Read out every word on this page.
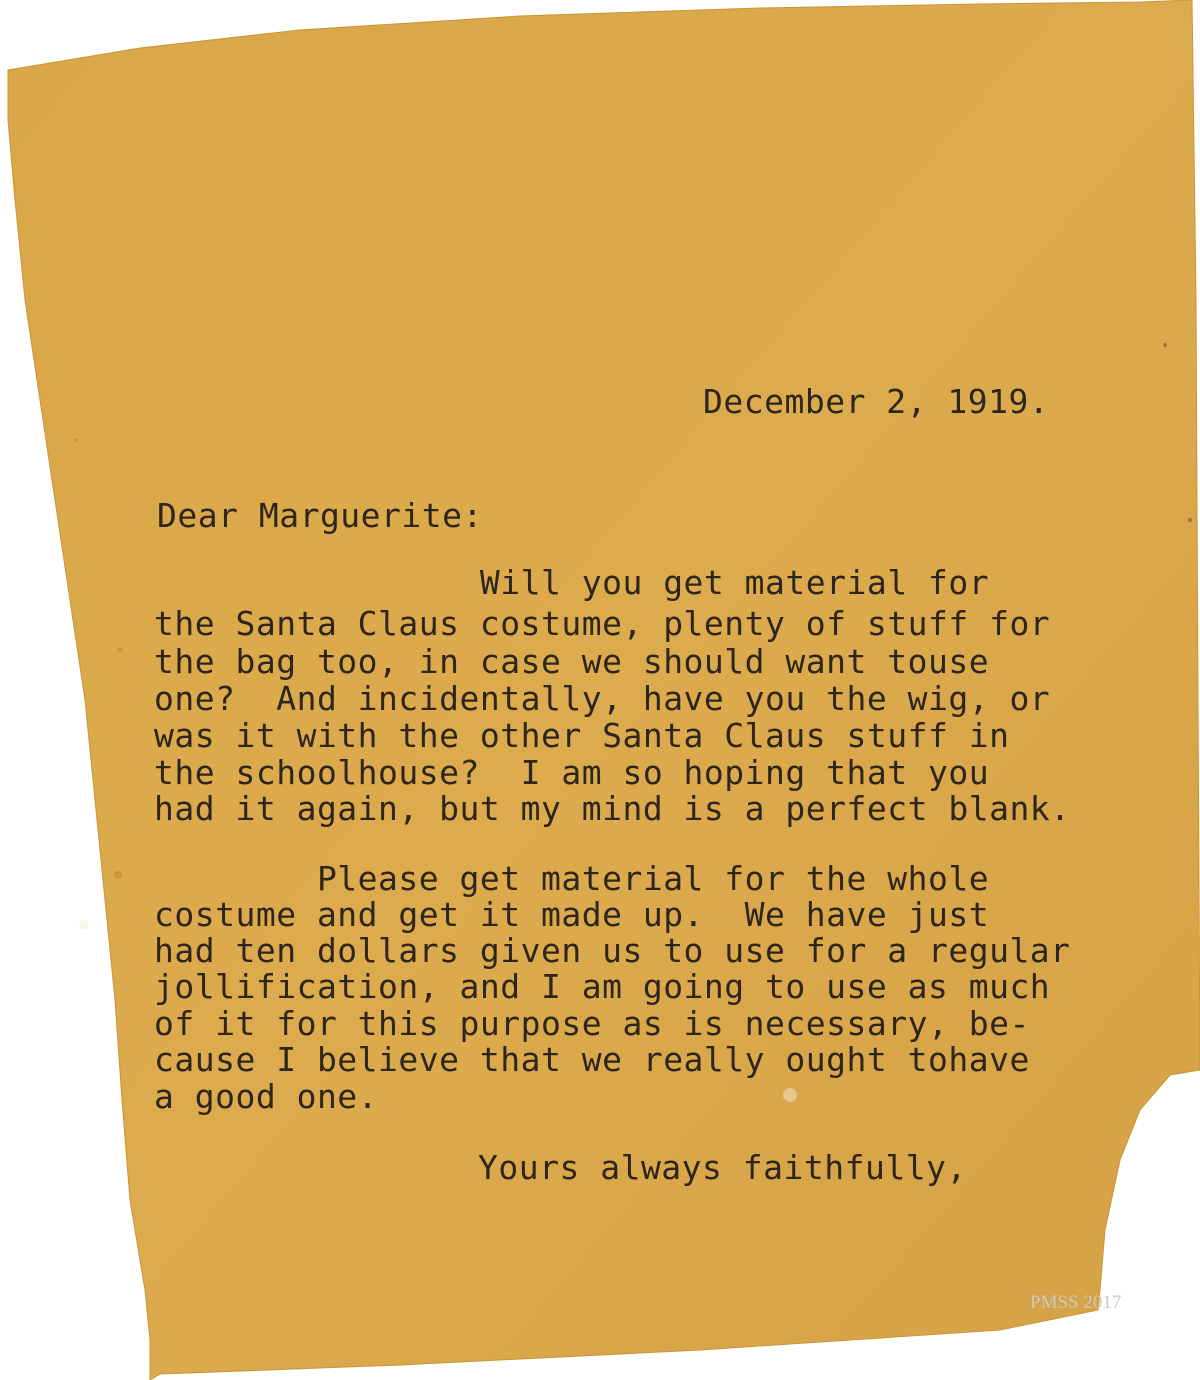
December 2, 1919.
Dear Marguerite:

Will you get material for

the Santa Claus costume, plenty of stuff for

the bag too, in case we should want touse

one?  And incidentally, have you the wig, or

was it with the other Santa Claus stuff in

the schoolhouse?  I am so hoping that you

had it again, but my mind is a perfect blank.

Please get material for the whole

costume and get it made up.  We have just

had ten dollars given us to use for a regular

jollification, and I am going to use as much

of it for this purpose as is necessary, be-

cause I believe that we really ought tohave

a good one.

Yours always faithfully,
PMSS 2017
